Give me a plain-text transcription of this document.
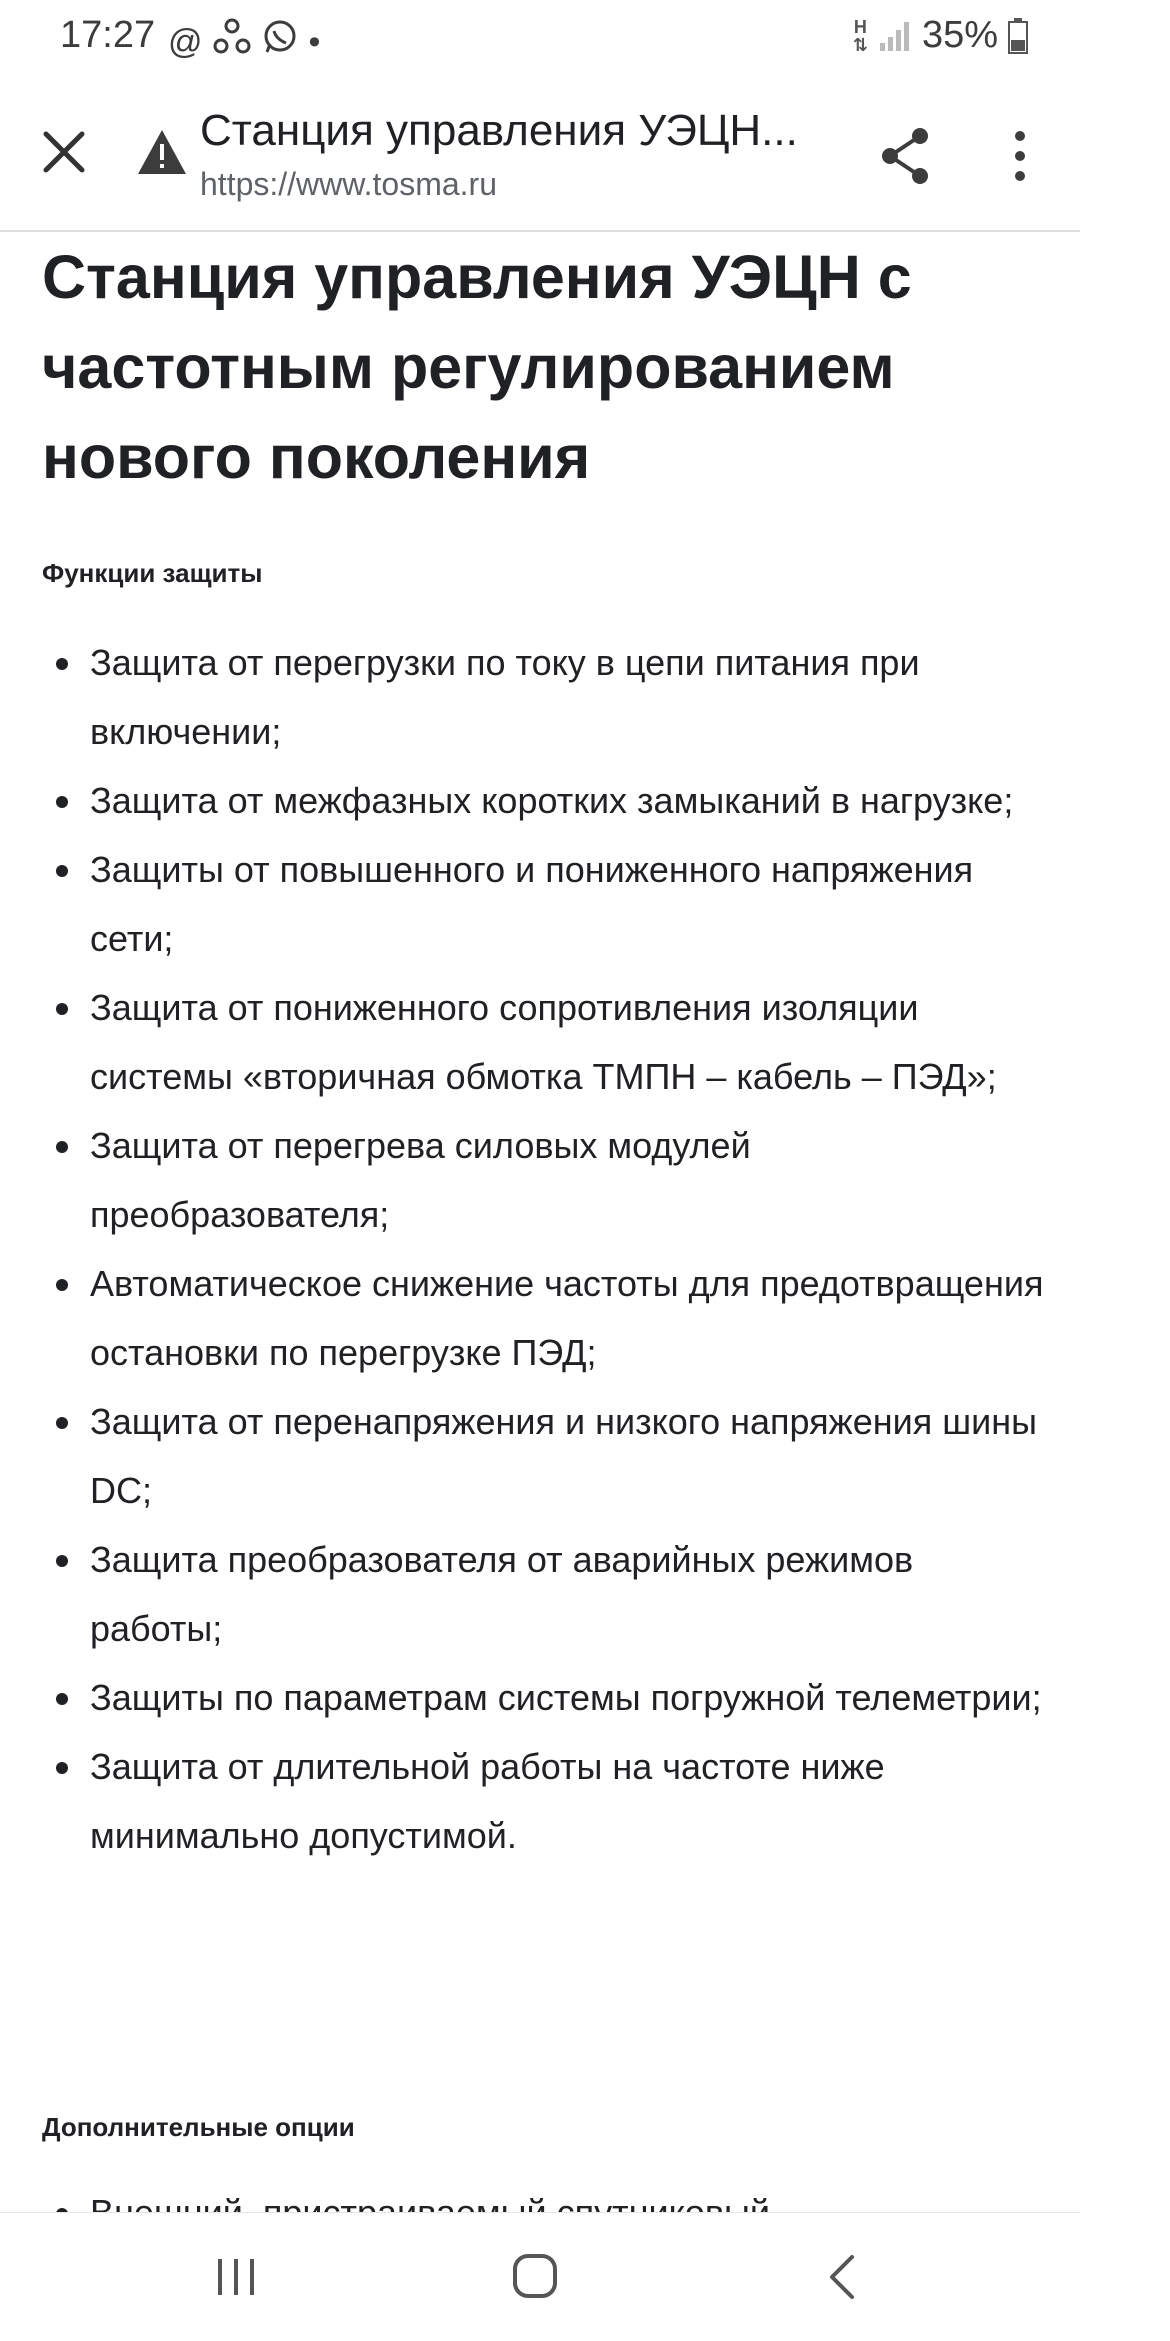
17:27 @	•	H
⇅ 35%
Станция управления УЭЦН...
https://www.tosma.ru
Станция управления УЭЦН с частотным регулированием нового поколения
Функции защиты
Защита от перегрузки по току в цепи питания при включении;
Защита от межфазных коротких замыканий в нагрузке;
Защиты от повышенного и пониженного напряжения сети;
Защита от пониженного сопротивления изоляции системы «вторичная обмотка ТМПН – кабель – ПЭД»;
Защита от перегрева силовых модулей преобразователя;
Автоматическое снижение частоты для предотвращения остановки по перегрузке ПЭД;
Защита от перенапряжения и низкого напряжения шины DC;
Защита преобразователя от аварийных режимов работы;
Защиты по параметрам системы погружной телеметрии;
Защита от длительной работы на частоте ниже минимально допустимой.
Дополнительные опции
